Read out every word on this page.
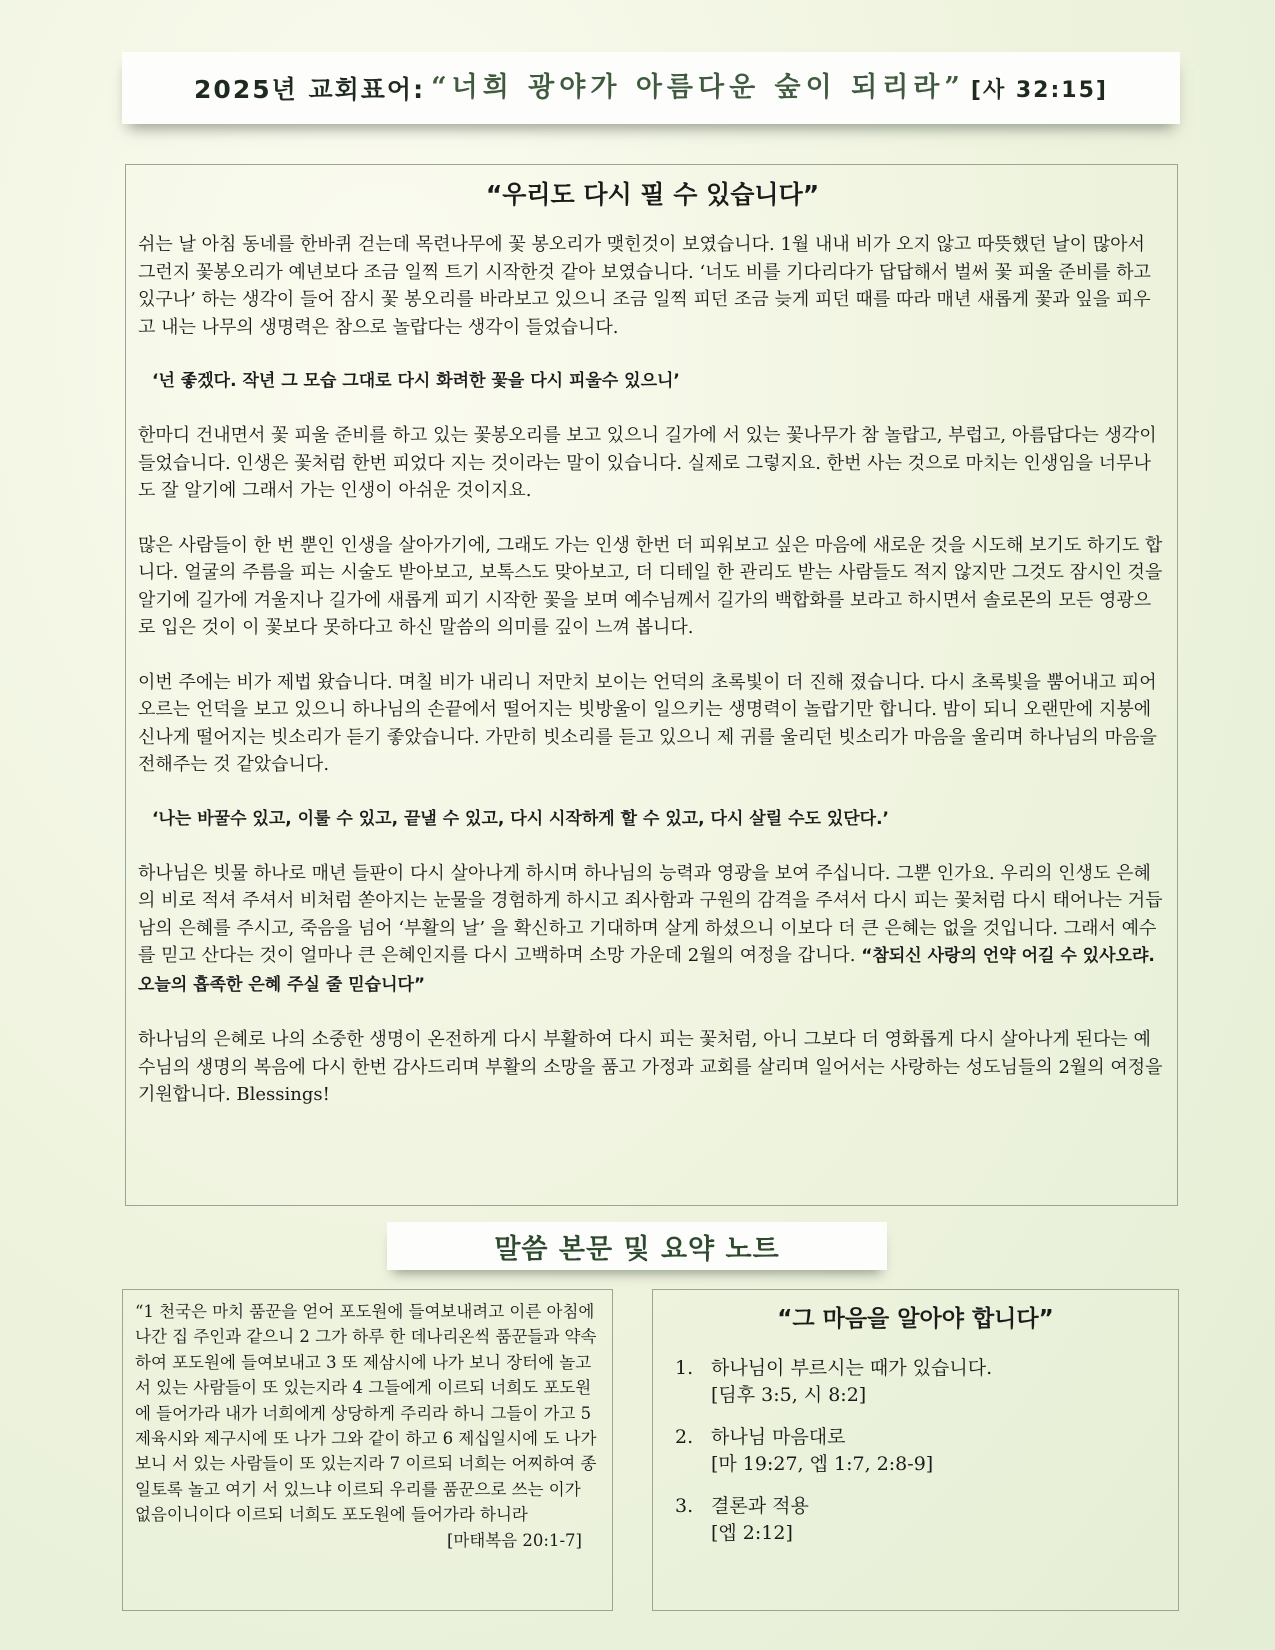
2025년 교회표어: “너희 광야가 아름다운 숲이 되리라” [사 32:15]
“우리도 다시 필 수 있습니다”

쉬는 날 아침 동네를 한바퀴 걷는데 목련나무에 꽃 봉오리가 맺힌것이 보였습니다. 1월 내내 비가 오지 않고 따뜻했던 날이 많아서 그런지 꽃봉오리가 예년보다 조금 일찍 트기 시작한것 같아 보였습니다. ‘너도 비를 기다리다가 답답해서 벌써 꽃 피울 준비를 하고 있구나’ 하는 생각이 들어 잠시 꽃 봉오리를 바라보고 있으니 조금 일찍 피던 조금 늦게 피던 때를 따라 매년 새롭게 꽃과 잎을 피우고 내는 나무의 생명력은 참으로 놀랍다는 생각이 들었습니다.

‘넌 좋겠다. 작년 그 모습 그대로 다시 화려한 꽃을 다시 피울수 있으니’

한마디 건내면서 꽃 피울 준비를 하고 있는 꽃봉오리를 보고 있으니 길가에 서 있는 꽃나무가 참 놀랍고, 부럽고, 아름답다는 생각이 들었습니다. 인생은 꽃처럼 한번 피었다 지는 것이라는 말이 있습니다. 실제로 그렇지요. 한번 사는 것으로 마치는 인생임을 너무나도 잘 알기에 그래서 가는 인생이 아쉬운 것이지요.

많은 사람들이 한 번 뿐인 인생을 살아가기에, 그래도 가는 인생 한번 더 피워보고 싶은 마음에 새로운 것을 시도해 보기도 하기도 합니다. 얼굴의 주름을 피는 시술도 받아보고, 보톡스도 맞아보고, 더 디테일 한 관리도 받는 사람들도 적지 않지만 그것도 잠시인 것을 알기에 길가에 겨울지나 길가에 새롭게 피기 시작한 꽃을 보며 예수님께서 길가의 백합화를 보라고 하시면서 솔로몬의 모든 영광으로 입은 것이 이 꽃보다 못하다고 하신 말씀의 의미를 깊이 느껴 봅니다.

이번 주에는 비가 제법 왔습니다. 며칠 비가 내리니 저만치 보이는 언덕의 초록빛이 더 진해 졌습니다. 다시 초록빛을 뿜어내고 피어오르는 언덕을 보고 있으니 하나님의 손끝에서 떨어지는 빗방울이 일으키는 생명력이 놀랍기만 합니다. 밤이 되니 오랜만에 지붕에 신나게 떨어지는 빗소리가 듣기 좋았습니다. 가만히 빗소리를 듣고 있으니 제 귀를 울리던 빗소리가 마음을 울리며 하나님의 마음을 전해주는 것 같았습니다.

‘나는 바꿀수 있고, 이룰 수 있고, 끝낼 수 있고, 다시 시작하게 할 수 있고, 다시 살릴 수도 있단다.’

하나님은 빗물 하나로 매년 들판이 다시 살아나게 하시며 하나님의 능력과 영광을 보여 주십니다. 그뿐 인가요. 우리의 인생도 은혜의 비로 적셔 주셔서 비처럼 쏟아지는 눈물을 경험하게 하시고 죄사함과 구원의 감격을 주셔서 다시 피는 꽃처럼 다시 태어나는 거듭남의 은혜를 주시고, 죽음을 넘어 ‘부활의 날’ 을 확신하고 기대하며 살게 하셨으니 이보다 더 큰 은혜는 없을 것입니다. 그래서 예수를 믿고 산다는 것이 얼마나 큰 은혜인지를 다시 고백하며 소망 가운데 2월의 여정을 갑니다. “참되신 사랑의 언약 어길 수 있사오랴. 오늘의 흡족한 은혜 주실 줄 믿습니다”

하나님의 은혜로 나의 소중한 생명이 온전하게 다시 부활하여 다시 피는 꽃처럼, 아니 그보다 더 영화롭게 다시 살아나게 된다는 예수님의 생명의 복음에 다시 한번 감사드리며 부활의 소망을 품고 가정과 교회를 살리며 일어서는 사랑하는 성도님들의 2월의 여정을 기원합니다. Blessings!

말씀 본문 및 요약 노트
“1 천국은 마치 품꾼을 얻어 포도원에 들여보내려고 이른 아침에 나간 집 주인과 같으니 2 그가 하루 한 데나리온씩 품꾼들과 약속하여 포도원에 들여보내고 3 또 제삼시에 나가 보니 장터에 놀고 서 있는 사람들이 또 있는지라 4 그들에게 이르되 너희도 포도원에 들어가라 내가 너희에게 상당하게 주리라 하니 그들이 가고 5 제육시와 제구시에 또 나가 그와 같이 하고 6 제십일시에 도 나가 보니 서 있는 사람들이 또 있는지라 7 이르되 너희는 어찌하여 종일토록 놀고 여기 서 있느냐 이르되 우리를 품꾼으로 쓰는 이가 없음이니이다 이르되 너희도 포도원에 들어가라 하니라
[마태복음 20:1-7]
“그 마음을 알아야 합니다”
1. 하나님이 부르시는 때가 있습니다.
[딤후 3:5, 시 8:2]
2. 하나님 마음대로
[마 19:27, 엡 1:7, 2:8-9]
3. 결론과 적용
[엡 2:12]
